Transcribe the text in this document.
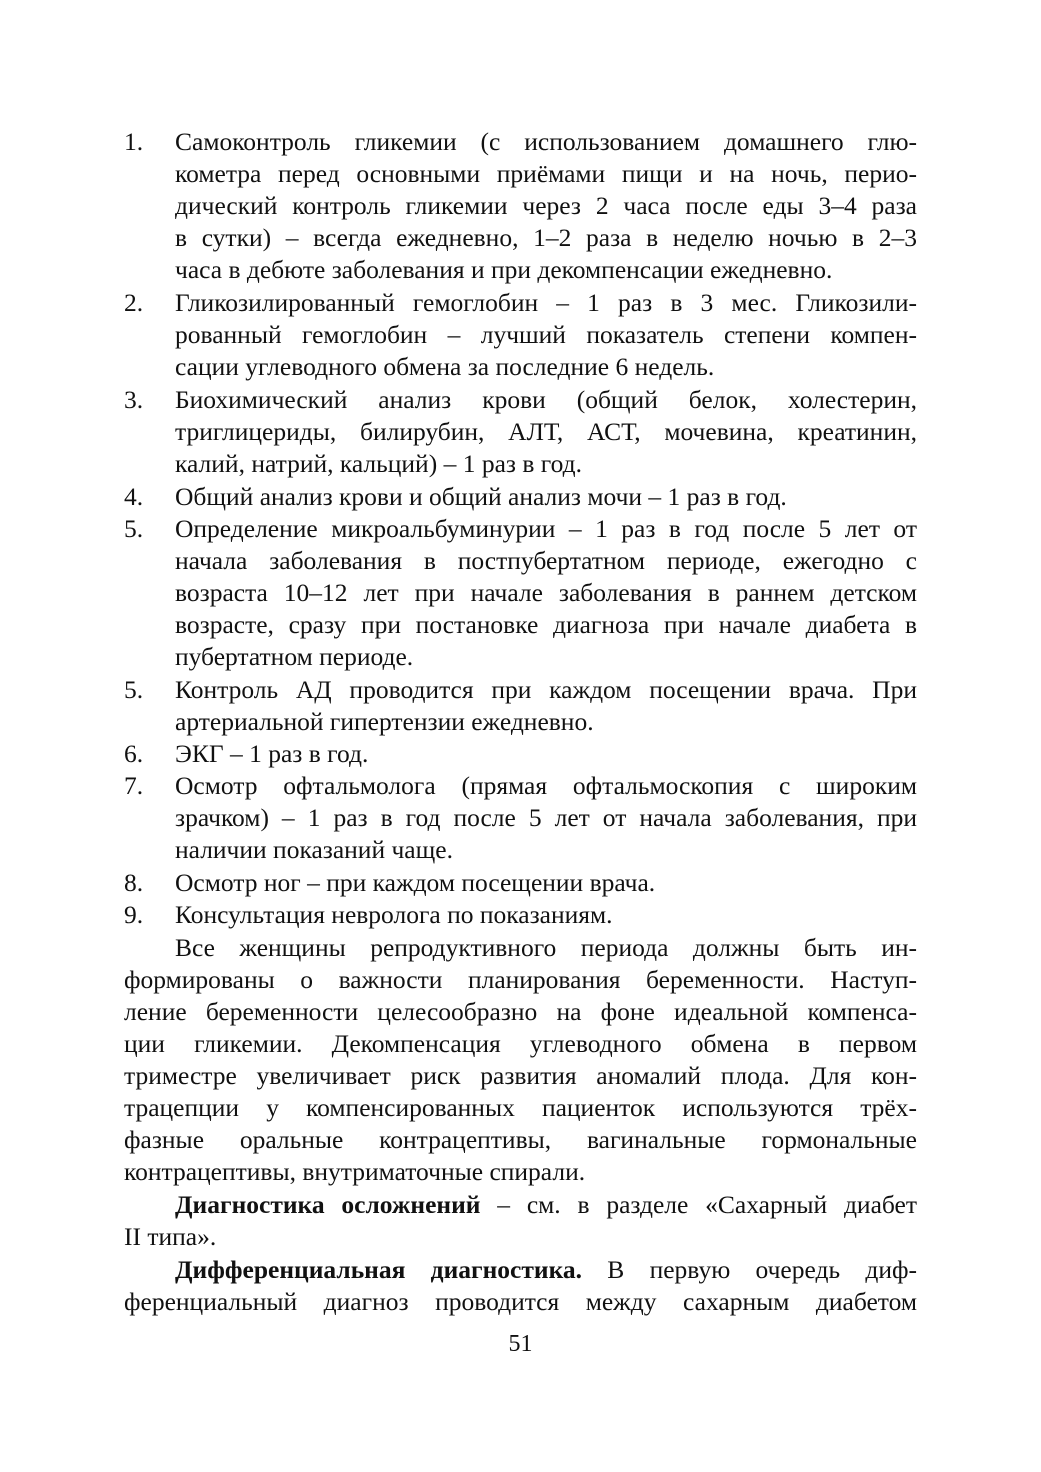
1. Самоконтроль гликемии (с использованием домашнего глю-
кометра перед основными приёмами пищи и на ночь, перио-
дический контроль гликемии через 2 часа после еды 3–4 раза
в сутки) – всегда ежедневно, 1–2 раза в неделю ночью в 2–3
часа в дебюте заболевания и при декомпенсации ежедневно.
2. Гликозилированный гемоглобин – 1 раз в 3 мес. Гликозили-
рованный гемоглобин – лучший показатель степени компен-
сации углеводного обмена за последние 6 недель.
3. Биохимический анализ крови (общий белок, холестерин,
триглицериды, билирубин, АЛТ, АСТ, мочевина, креатинин,
калий, натрий, кальций) – 1 раз в год.
4. Общий анализ крови и общий анализ мочи – 1 раз в год.
5. Определение микроальбуминурии – 1 раз в год после 5 лет от
начала заболевания в постпубертатном периоде, ежегодно с
возраста 10–12 лет при начале заболевания в раннем детском
возрасте, сразу при постановке диагноза при начале диабета в
пубертатном периоде.
5. Контроль АД проводится при каждом посещении врача. При
артериальной гипертензии ежедневно.
6. ЭКГ – 1 раз в год.
7. Осмотр офтальмолога (прямая офтальмоскопия с широким
зрачком) – 1 раз в год после 5 лет от начала заболевания, при
наличии показаний чаще.
8. Осмотр ног – при каждом посещении врача.
9. Консультация невролога по показаниям.
Все женщины репродуктивного периода должны быть ин-
формированы о важности планирования беременности. Наступ-
ление беременности целесообразно на фоне идеальной компенса-
ции гликемии. Декомпенсация углеводного обмена в первом
триместре увеличивает риск развития аномалий плода. Для кон-
трацепции у компенсированных пациенток используются трёх-
фазные оральные контрацептивы, вагинальные гормональные
контрацептивы, внутриматочные спирали.
Диагностика осложнений – см. в разделе «Сахарный диабет
II типа».
Дифференциальная диагностика. В первую очередь диф-
ференциальный диагноз проводится между сахарным диабетом
51
